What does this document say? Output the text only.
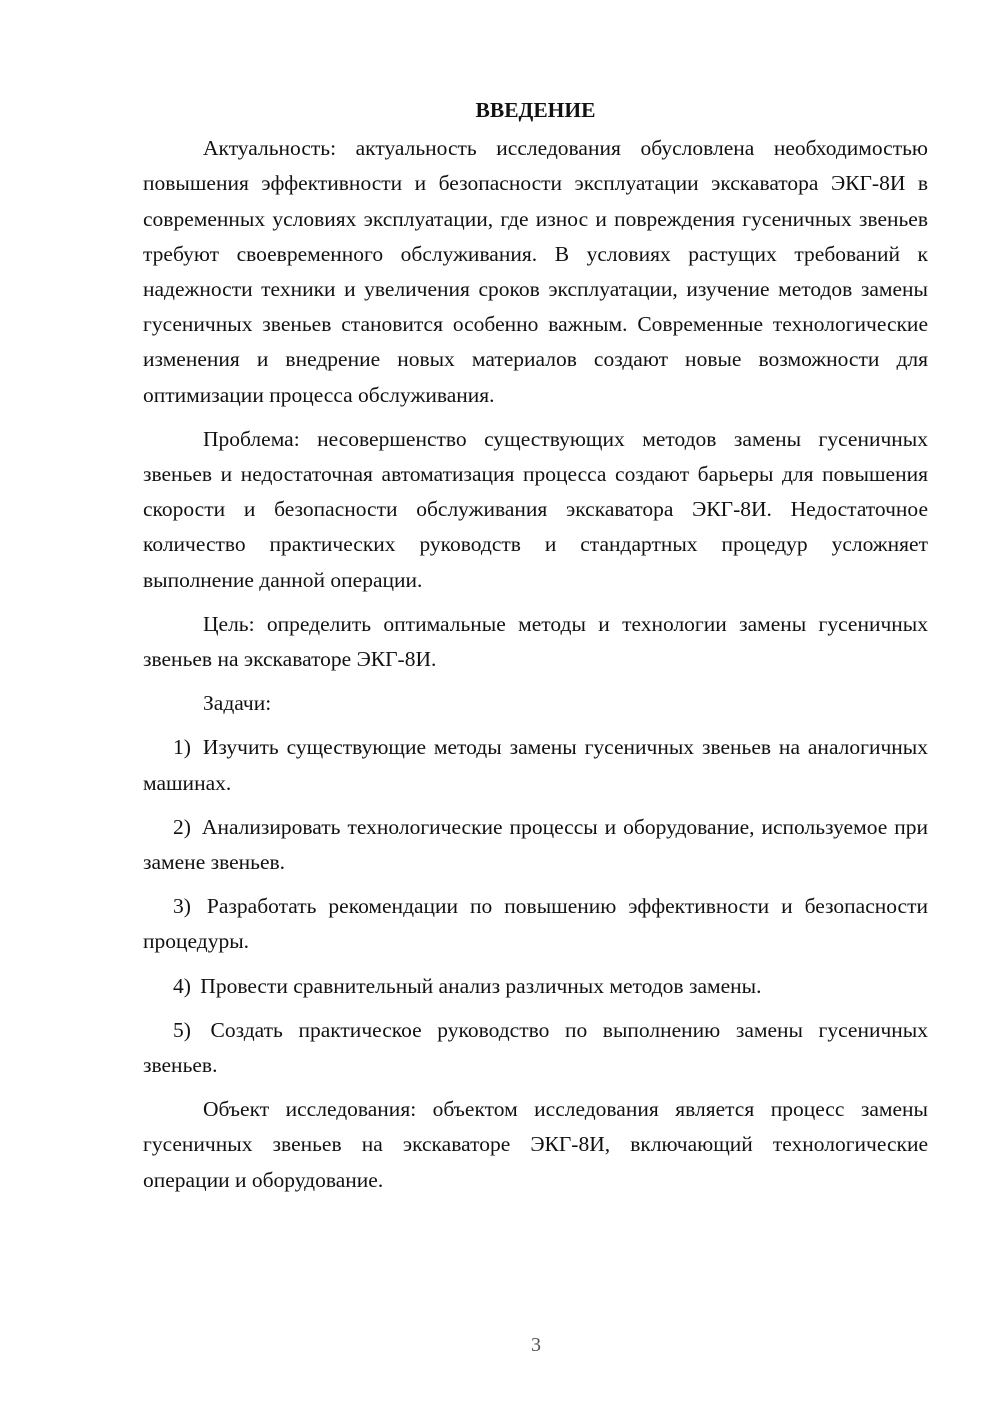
ВВЕДЕНИЕ

Актуальность: актуальность исследования обусловлена необходимостью повышения эффективности и безопасности эксплуатации экскаватора ЭКГ-8И в современных условиях эксплуатации, где износ и повреждения гусеничных звеньев требуют своевременного обслуживания. В условиях растущих требований к надежности техники и увеличения сроков эксплуатации, изучение методов замены гусеничных звеньев становится особенно важным. Современные технологические изменения и внедрение новых материалов создают новые возможности для оптимизации процесса обслуживания.

Проблема: несовершенство существующих методов замены гусеничных звеньев и недостаточная автоматизация процесса создают барьеры для повышения скорости и безопасности обслуживания экскаватора ЭКГ-8И. Недостаточное количество практических руководств и стандартных процедур усложняет выполнение данной операции.

Цель: определить оптимальные методы и технологии замены гусеничных звеньев на экскаваторе ЭКГ-8И.

Задачи:

1) Изучить существующие методы замены гусеничных звеньев на аналогичных машинах.

2) Анализировать технологические процессы и оборудование, используемое при замене звеньев.

3) Разработать рекомендации по повышению эффективности и безопасности процедуры.

4) Провести сравнительный анализ различных методов замены.

5) Создать практическое руководство по выполнению замены гусеничных звеньев.

Объект исследования: объектом исследования является процесс замены гусеничных звеньев на экскаваторе ЭКГ-8И, включающий технологические операции и оборудование.

3
